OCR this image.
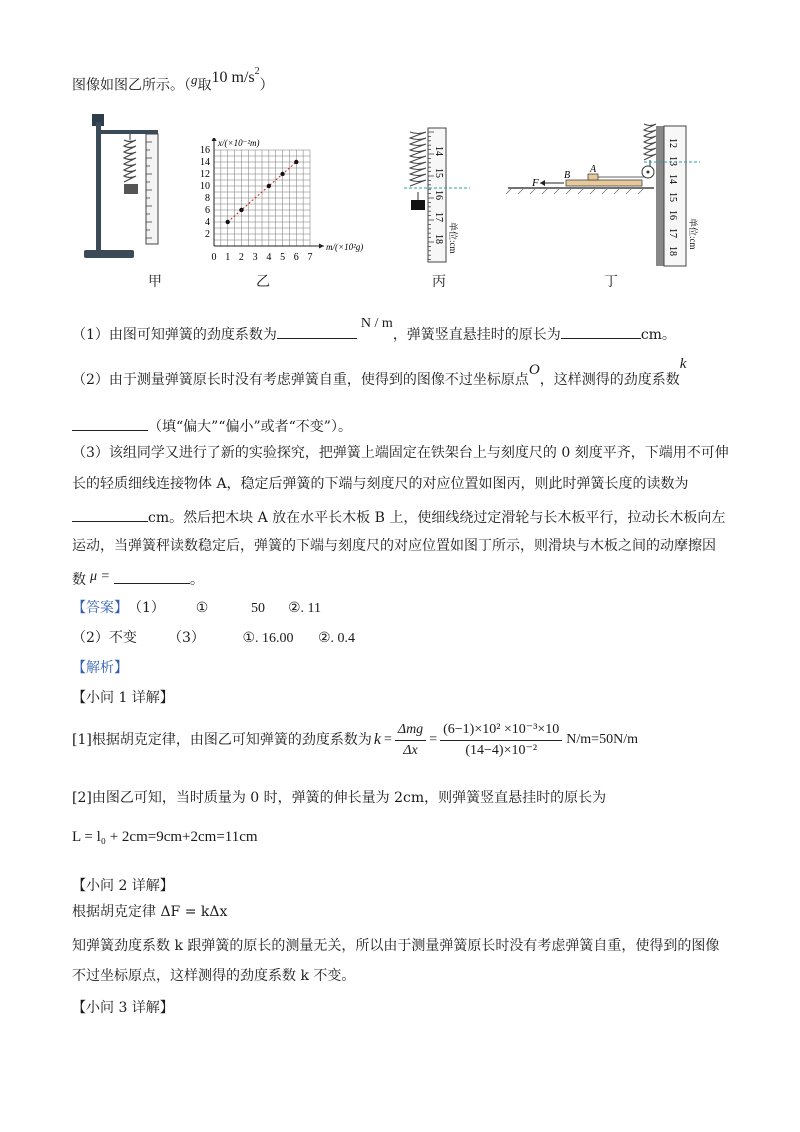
图像如图乙所示。（g取10 $m/s^2$）
甲
2
4
6
8
10
12
14
16
0 1 2 3 4 5 6 7
x/(×10⁻²m)
m/(×10²g)
乙
14
15
16
17
18 单位:cm
丙
F
B
A
12
13
14
15
16
17
18
单位:cm
丁
（1）由图可知弹簧的劲度系数为N / m，弹簧竖直悬挂时的原长为	cm。
（2）由于测量弹簧原长时没有考虑弹簧自重，使得到的图像不过坐标原点O，这样测得的劲度系数k
（填“偏大”“偏小”或者“不变”）。
（3）该组同学又进行了新的实验探究，把弹簧上端固定在铁架台上与刻度尺的 0 刻度平齐，下端用不可伸
长的轻质细线连接物体 A，稳定后弹簧的下端与刻度尺的对应位置如图丙，则此时弹簧长度的读数为
cm。然后把木块 A 放在水平长木板 B 上，使细线绕过定滑轮与长木板平行，拉动长木板向左
运动，当弹簧秤读数稳定后，弹簧的下端与刻度尺的对应位置如图丁所示，则滑块与木板之间的动摩擦因
数 μ =	。
【答案】（1） ①	50 ②. 11
（2）不变 （3）	①. 16.00 ②. 0.4
【解析】
【小问 1 详解】
[1]根据胡克定律，由图乙可知弹簧的劲度系数为 $k = \frac{\text{Δmg}}{\Delta x} = \frac{\text{(6−1)×10² ×10⁻³×10}}{\text{(14−4)×10⁻²}} N/m=50N/m$
[2]由图乙可知，当时质量为 0 时，弹簧的伸长量为 2cm，则弹簧竖直悬挂时的原长为
L = l₀ + 2cm=9cm+2cm=11cm
【小问 2 详解】
根据胡克定律 ΔF = kΔx
知弹簧劲度系数 k 跟弹簧的原长的测量无关，所以由于测量弹簧原长时没有考虑弹簧自重，使得到的图像
不过坐标原点，这样测得的劲度系数 k 不变。
【小问 3 详解】
